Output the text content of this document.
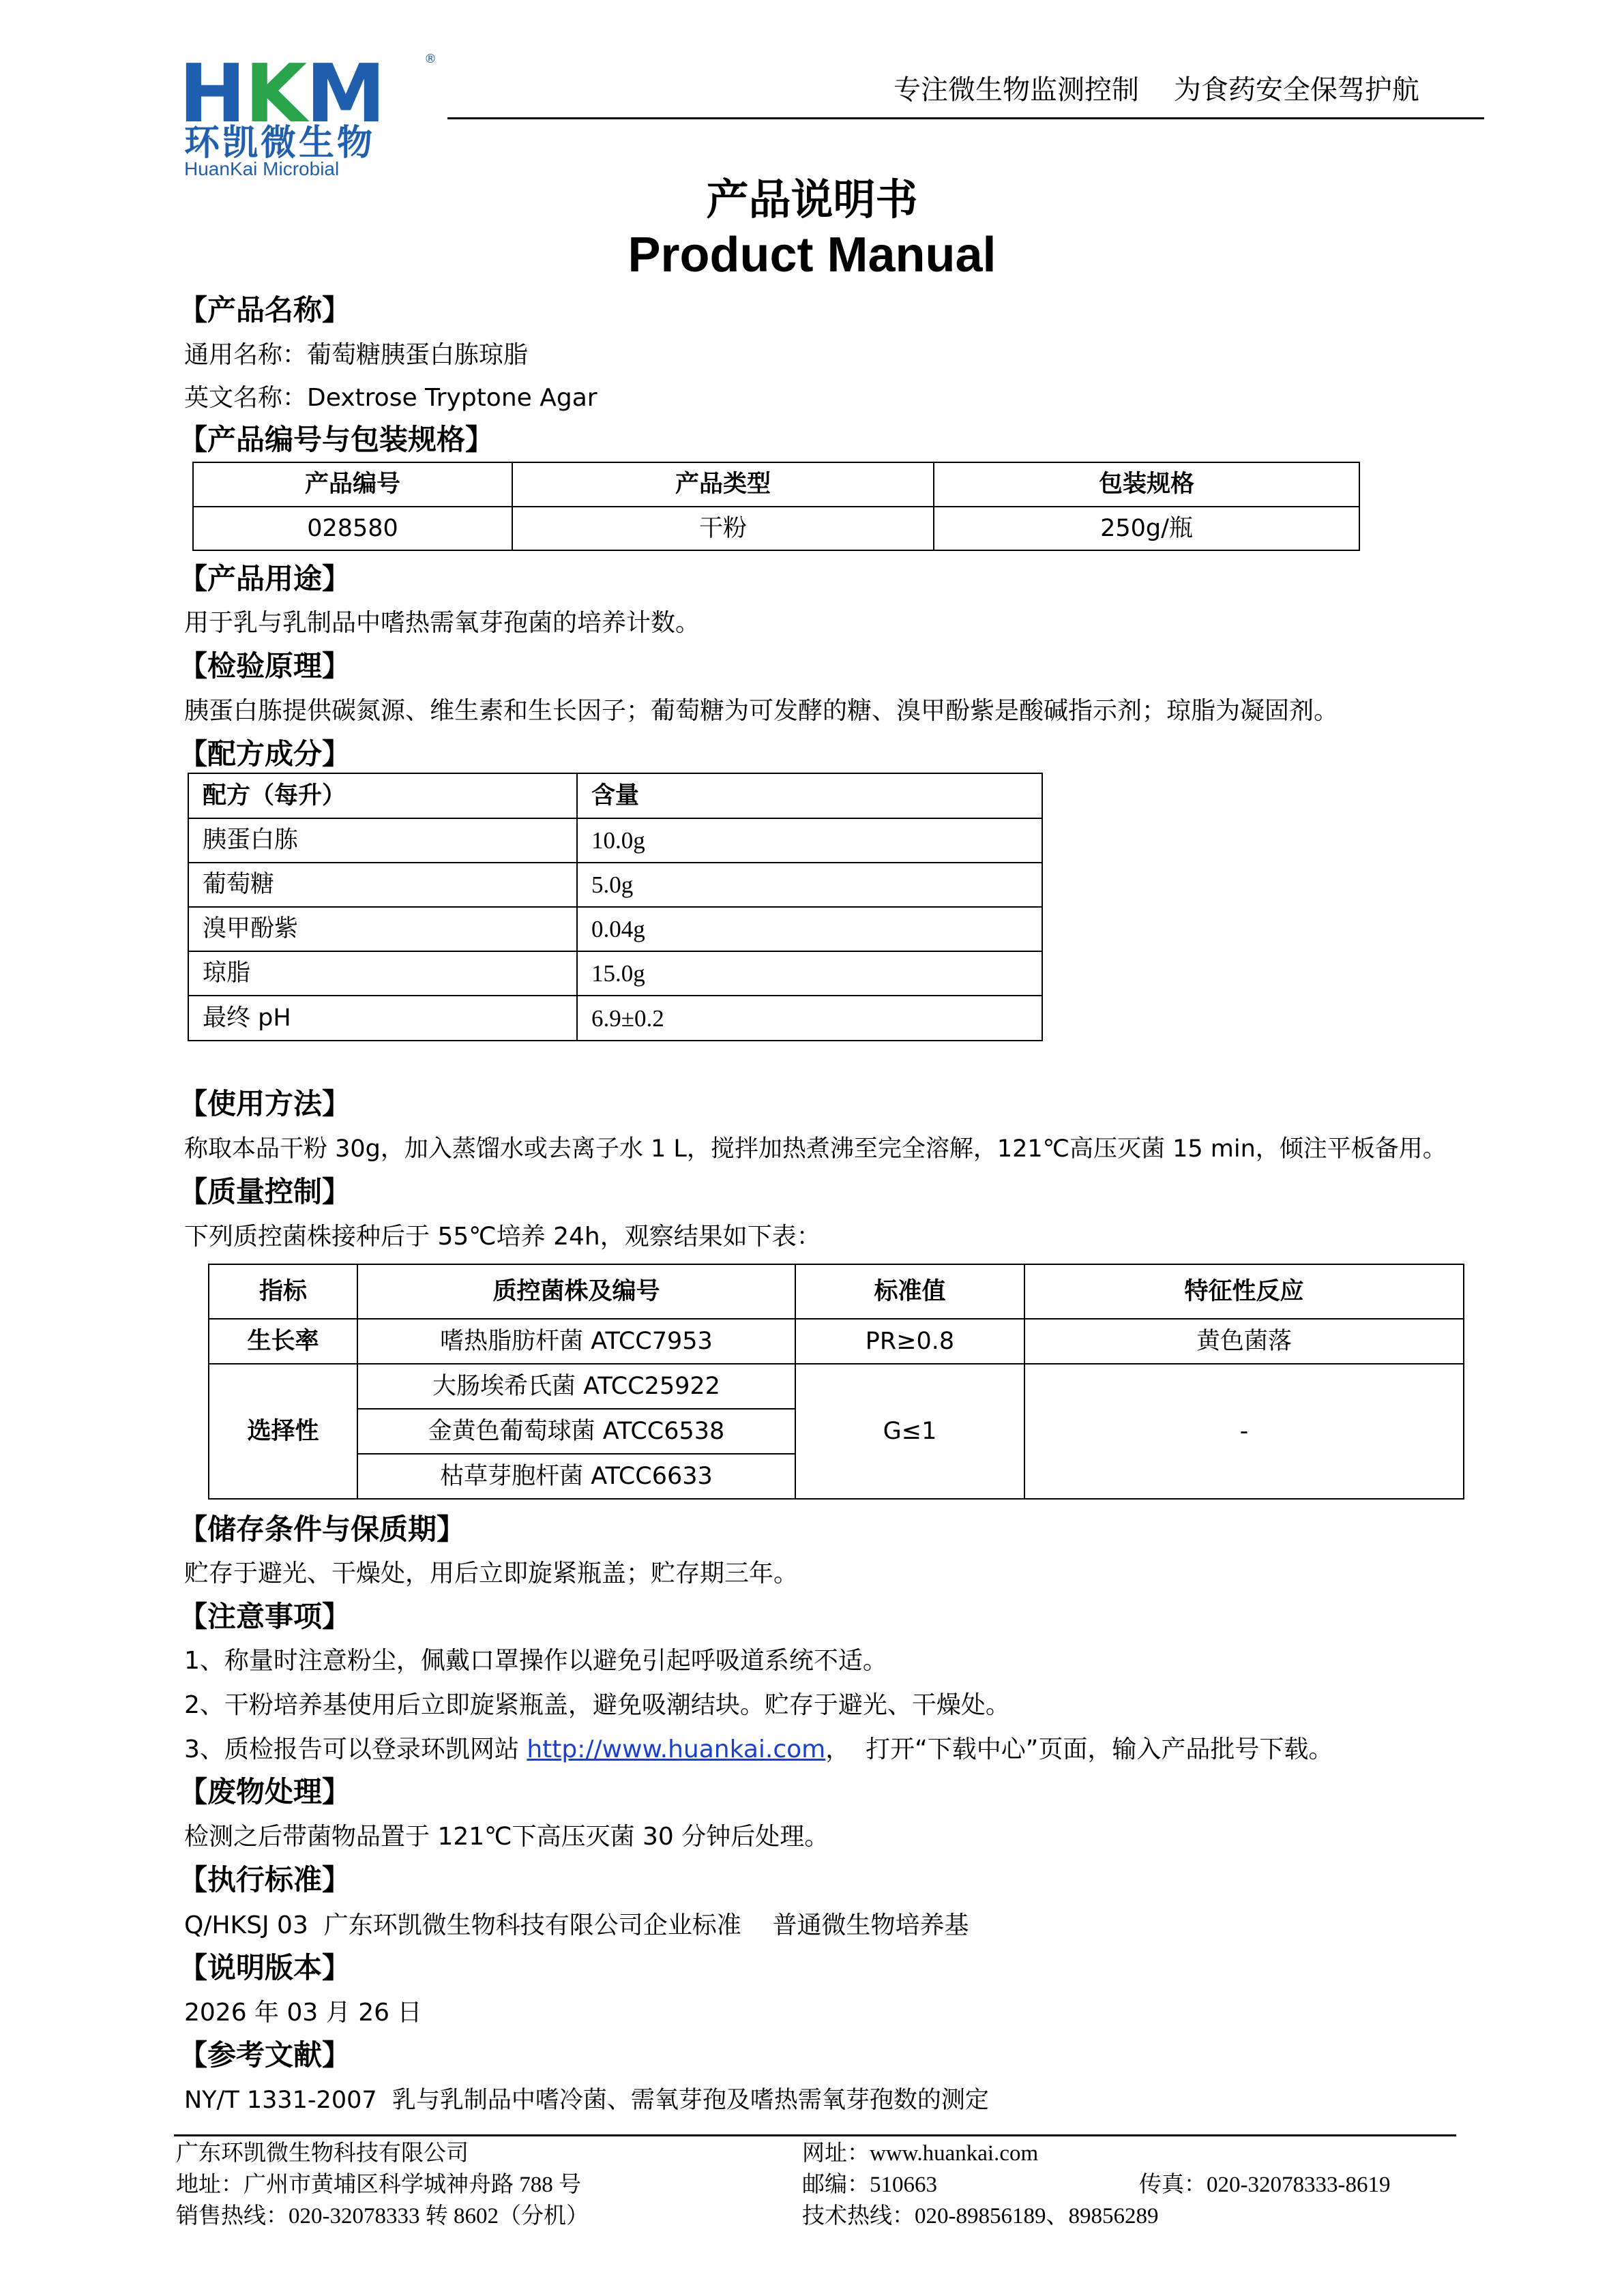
HKM	®
环凯微生物
HuanKai Microbial
专注微生物监测控制    为食药安全保驾护航
产品说明书
Product Manual
【产品名称】
通用名称：葡萄糖胰蛋白胨琼脂
英文名称：Dextrose Tryptone Agar
【产品编号与包装规格】
产品编号	产品类型	包装规格
028580	干粉	250g/瓶
【产品用途】
用于乳与乳制品中嗜热需氧芽孢菌的培养计数。
【检验原理】
胰蛋白胨提供碳氮源、维生素和生长因子；葡萄糖为可发酵的糖、溴甲酚紫是酸碱指示剂；琼脂为凝固剂。
【配方成分】
配方（每升）	含量
胰蛋白胨	10.0g
葡萄糖	5.0g
溴甲酚紫	0.04g
琼脂	15.0g
最终 pH	6.9±0.2
【使用方法】
称取本品干粉 30g，加入蒸馏水或去离子水 1 L，搅拌加热煮沸至完全溶解，121℃高压灭菌 15 min，倾注平板备用。
【质量控制】
下列质控菌株接种后于 55℃培养 24h，观察结果如下表：
指标	质控菌株及编号	标准值	特征性反应
生长率	嗜热脂肪杆菌 ATCC7953	PR≥0.8	黄色菌落
选择性	大肠埃希氏菌 ATCC25922	G≤1	-
	金黄色葡萄球菌 ATCC6538		
	枯草芽胞杆菌 ATCC6633		
【储存条件与保质期】
贮存于避光、干燥处，用后立即旋紧瓶盖；贮存期三年。
【注意事项】
1、称量时注意粉尘，佩戴口罩操作以避免引起呼吸道系统不适。
2、干粉培养基使用后立即旋紧瓶盖，避免吸潮结块。贮存于避光、干燥处。
3、质检报告可以登录环凯网站 http://www.huankai.com，  打开“下载中心”页面，输入产品批号下载。
【废物处理】
检测之后带菌物品置于 121℃下高压灭菌 30 分钟后处理。
【执行标准】
Q/HKSJ 03  广东环凯微生物科技有限公司企业标准    普通微生物培养基
【说明版本】
2026 年 03 月 26 日
【参考文献】
NY/T 1331-2007  乳与乳制品中嗜冷菌、需氧芽孢及嗜热需氧芽孢数的测定
广东环凯微生物科技有限公司
地址：广州市黄埔区科学城神舟路 788 号
销售热线：020-32078333 转 8602（分机）
网址：www.huankai.com
邮编：510663
技术热线：020-89856189、89856289
传真：020-32078333-8619
